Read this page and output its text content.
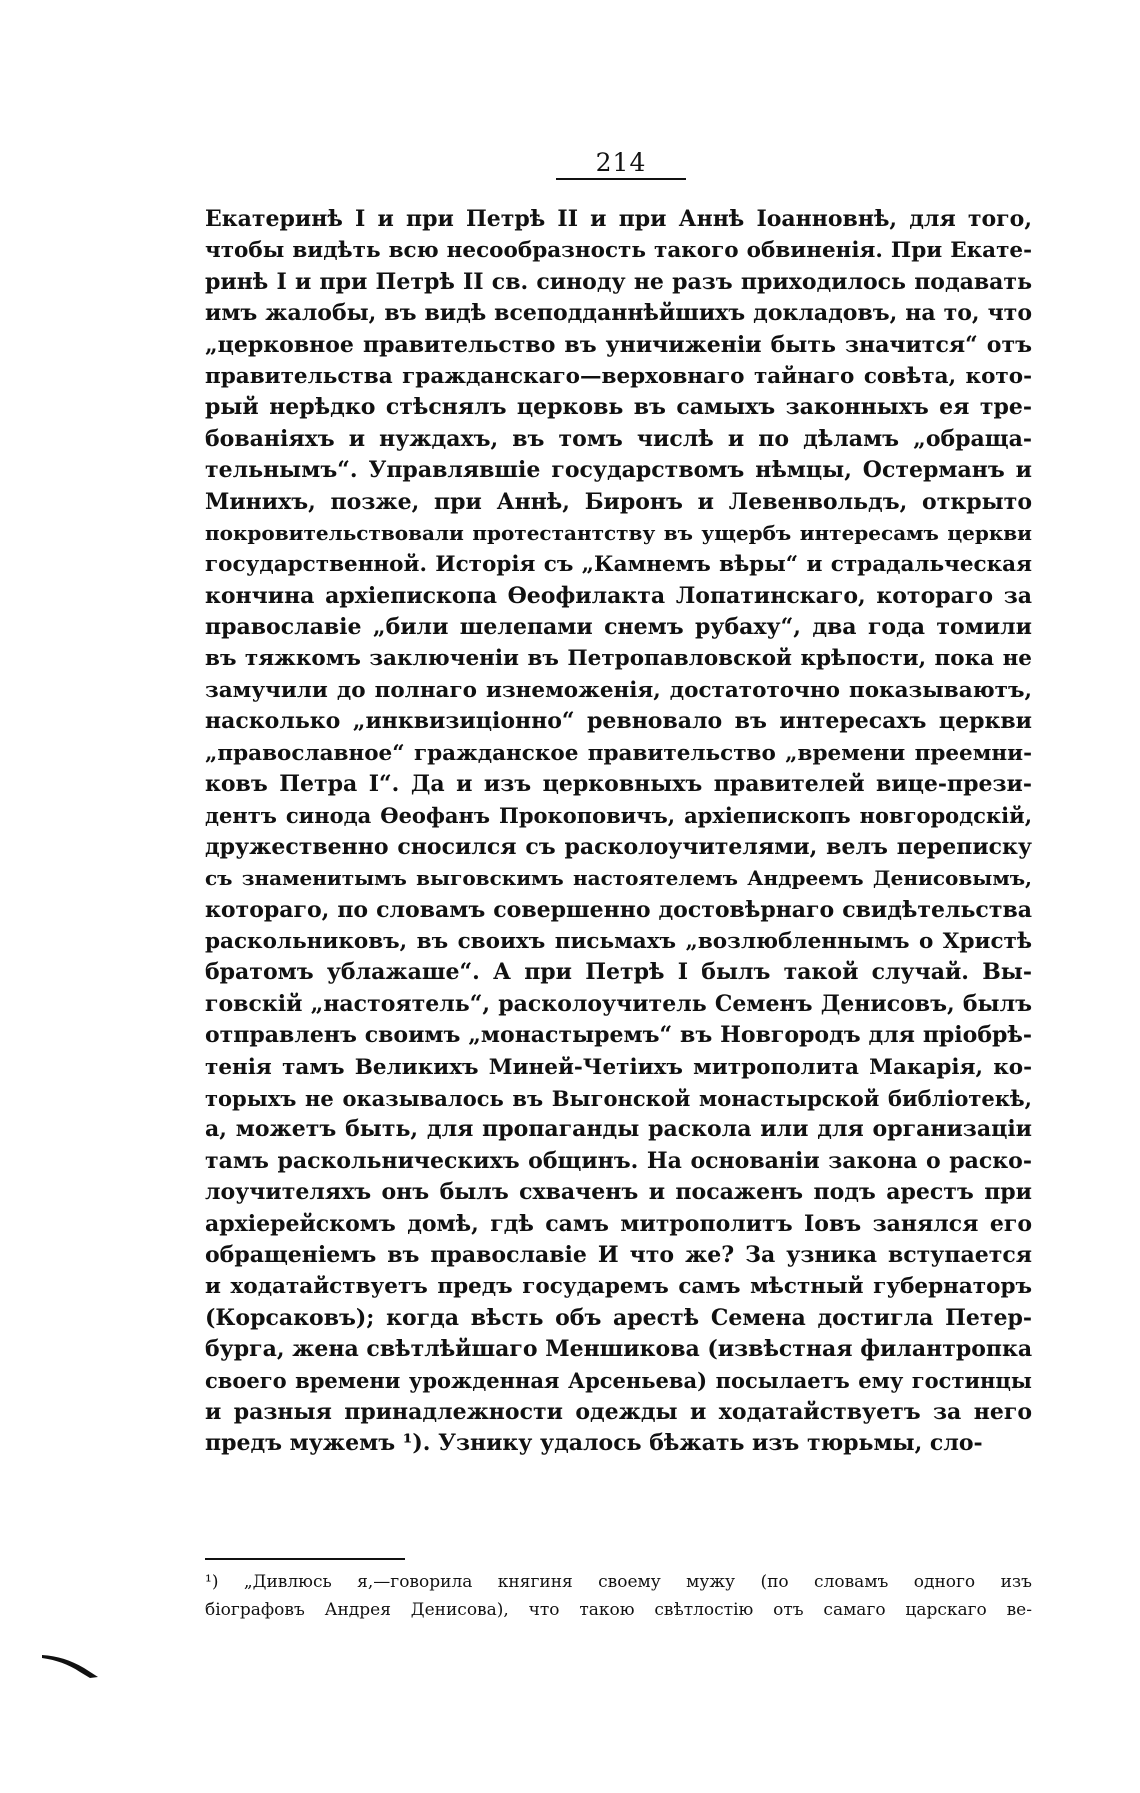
214
Екатеринѣ I и при Петрѣ II и при Аннѣ Іоанновнѣ, для того,
чтобы видѣть всю несообразность такого обвиненія. При Екате-
ринѣ I и при Петрѣ II св. синоду не разъ приходилось подавать
имъ жалобы, въ видѣ всеподданнѣйшихъ докладовъ, на то, что
„церковное правительство въ уничиженіи быть значится“ отъ
правительства гражданскаго—верховнаго тайнаго совѣта, кото-
рый нерѣдко стѣснялъ церковь въ самыхъ законныхъ ея тре-
бованіяхъ и нуждахъ, въ томъ числѣ и по дѣламъ „обраща-
тельнымъ“. Управлявшіе государствомъ нѣмцы, Остерманъ и
Минихъ, позже, при Аннѣ, Биронъ и Левенвольдъ, открыто
покровительствовали протестантству въ ущербъ интересамъ церкви
государственной. Исторія съ „Камнемъ вѣры“ и страдальческая
кончина архіепископа Ѳеофилакта Лопатинскаго, котораго за
православіе „били шелепами снемъ рубаху“, два года томили
въ тяжкомъ заключеніи въ Петропавловской крѣпости, пока не
замучили до полнаго изнеможенія, достатоточно показываютъ,
насколько „инквизиціонно“ ревновало въ интересахъ церкви
„православное“ гражданское правительство „времени преемни-
ковъ Петра I“. Да и изъ церковныхъ правителей вице-прези-
дентъ синода Ѳеофанъ Прокоповичъ, архіепископъ новгородскій,
дружественно сносился съ расколоучителями, велъ переписку
съ знаменитымъ выговскимъ настоятелемъ Андреемъ Денисовымъ,
котораго, по словамъ совершенно достовѣрнаго свидѣтельства
раскольниковъ, въ своихъ письмахъ „возлюбленнымъ о Христѣ
братомъ ублажаше“. А при Петрѣ I былъ такой случай. Вы-
говскій „настоятель“, расколоучитель Семенъ Денисовъ, былъ
отправленъ своимъ „монастыремъ“ въ Новгородъ для пріобрѣ-
тенія тамъ Великихъ Миней-Четіихъ митрополита Макарія, ко-
торыхъ не оказывалось въ Выгонской монастырской библіотекѣ,
а, можетъ быть, для пропаганды раскола или для организаціи
тамъ раскольническихъ общинъ. На основаніи закона о раско-
лоучителяхъ онъ былъ схваченъ и посаженъ подъ арестъ при
архіерейскомъ домѣ, гдѣ самъ митрополитъ Іовъ занялся его
обращеніемъ въ православіе И что же? За узника вступается
и ходатайствуетъ предъ государемъ самъ мѣстный губернаторъ
(Корсаковъ); когда вѣсть объ арестѣ Семена достигла Петер-
бурга, жена свѣтлѣйшаго Меншикова (извѣстная филантропка
своего времени урожденная Арсеньева) посылаетъ ему гостинцы
и разныя принадлежности одежды и ходатайствуетъ за него
предъ мужемъ ¹). Узнику удалось бѣжать изъ тюрьмы, сло-
¹) „Дивлюсь я,—говорила княгиня своему мужу (по словамъ одного изъ
біографовъ Андрея Денисова), что такою свѣтлостію отъ самаго царскаго ве-
